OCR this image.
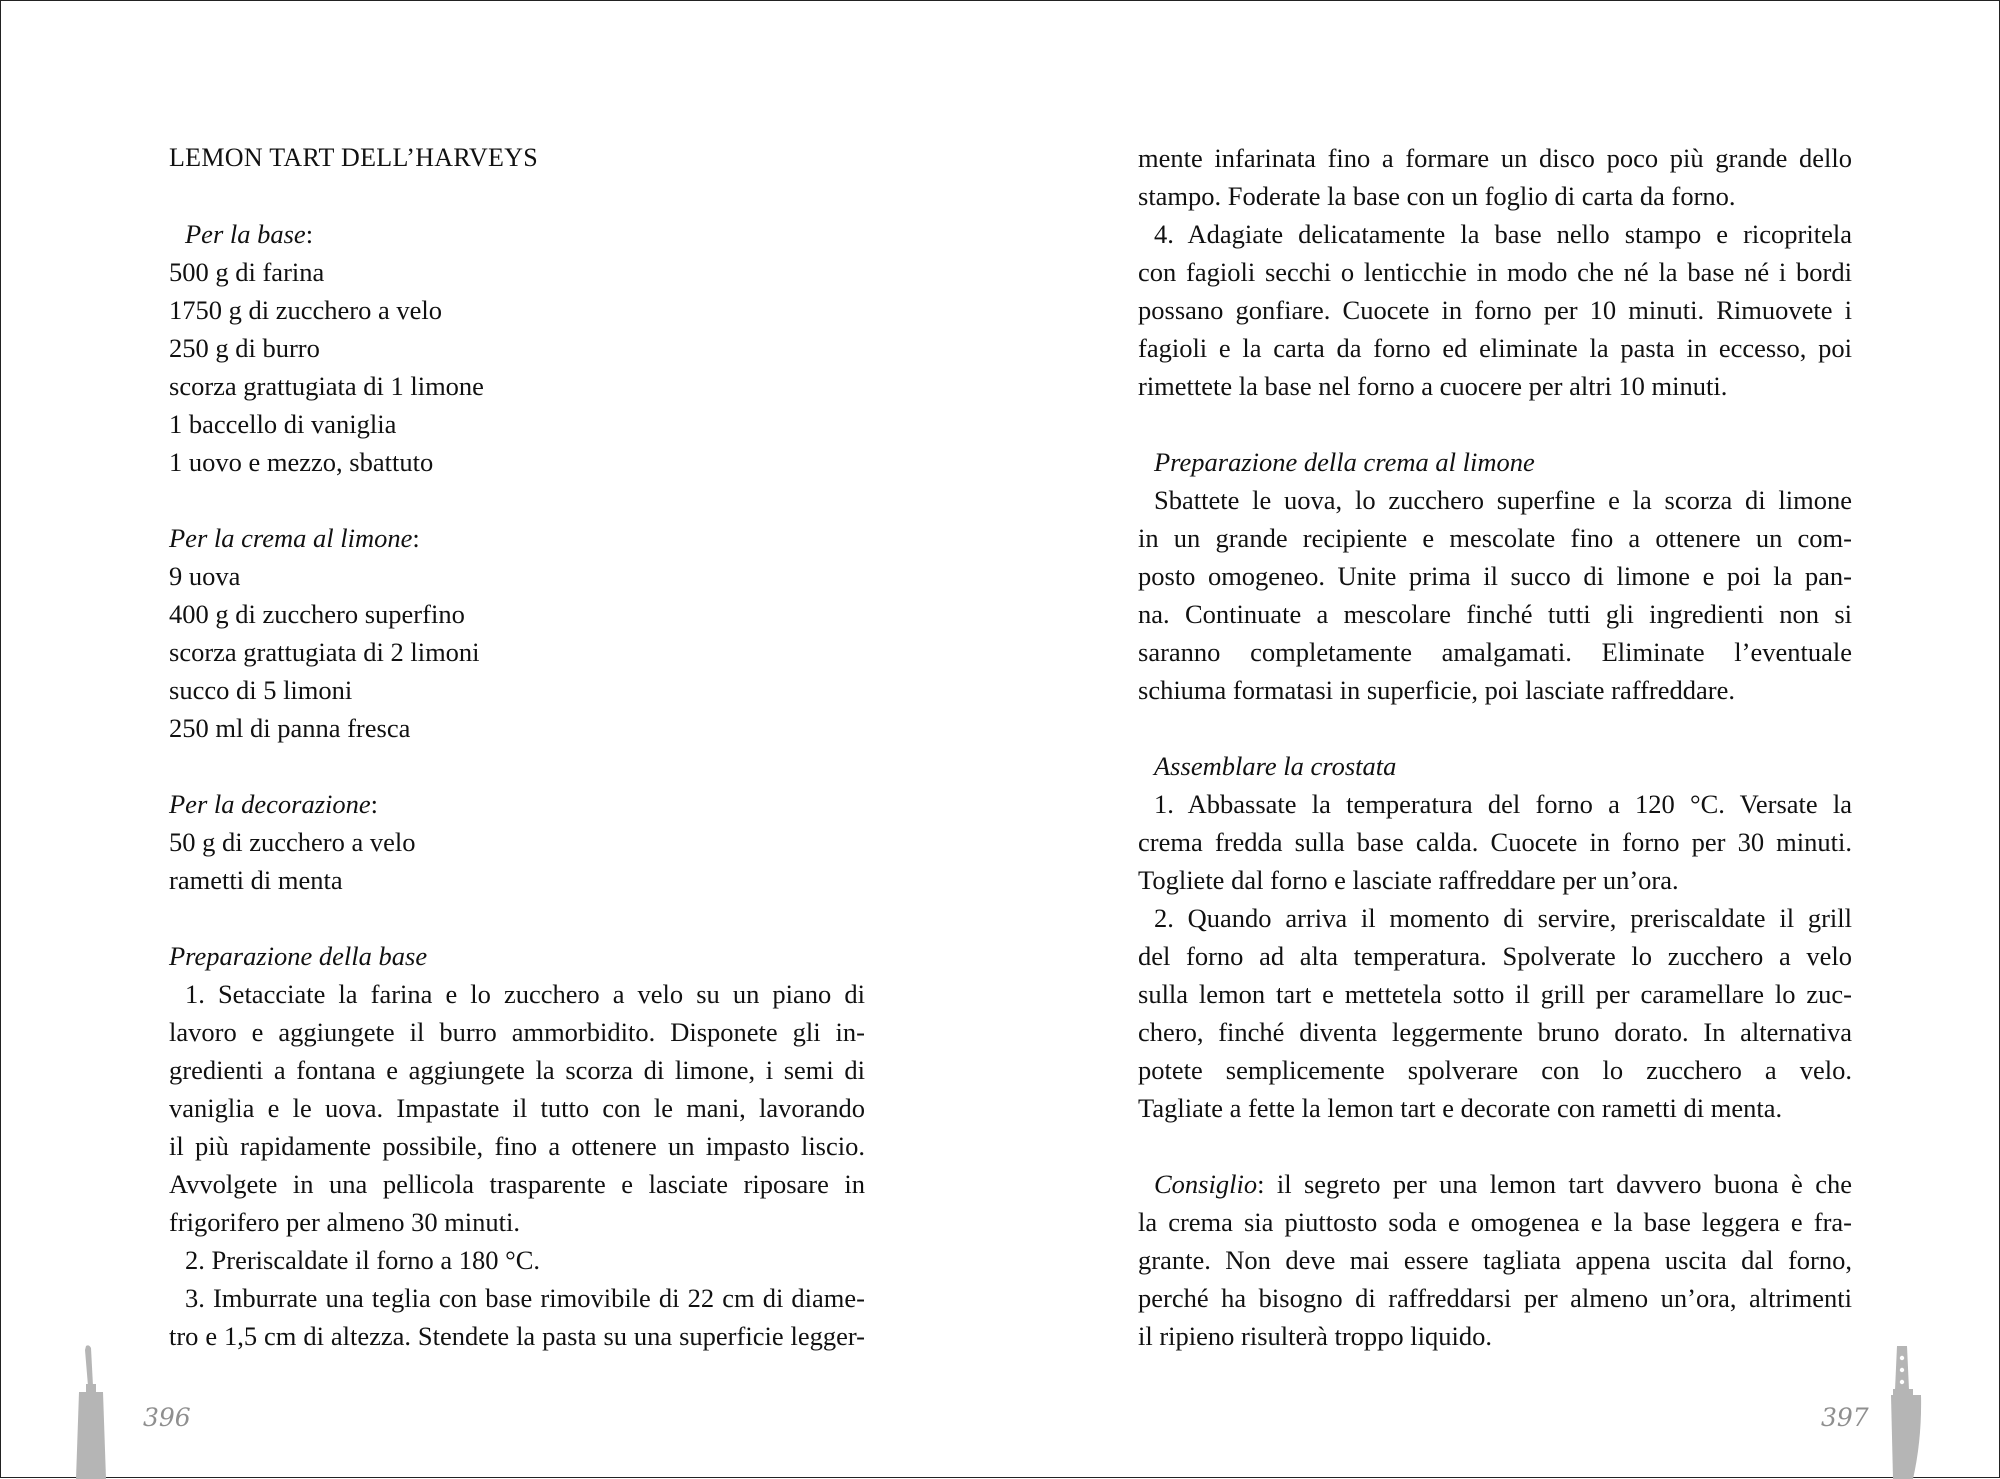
LEMON TART DELL’HARVEYS
Per la base:
500 g di farina
1750 g di zucchero a velo
250 g di burro
scorza grattugiata di 1 limone
1 baccello di vaniglia
1 uovo e mezzo, sbattuto
Per la crema al limone:
9 uova
400 g di zucchero superfino
scorza grattugiata di 2 limoni
succo di 5 limoni
250 ml di panna fresca
Per la decorazione:
50 g di zucchero a velo
rametti di menta
Preparazione della base
1. Setacciate la farina e lo zucchero a velo su un piano di
lavoro e aggiungete il burro ammorbidito. Disponete gli in-
gredienti a fontana e aggiungete la scorza di limone, i semi di
vaniglia e le uova. Impastate il tutto con le mani, lavorando
il più rapidamente possibile, fino a ottenere un impasto liscio.
Avvolgete in una pellicola trasparente e lasciate riposare in
frigorifero per almeno 30 minuti.
2. Preriscaldate il forno a 180 °C.
3. Imburrate una teglia con base rimovibile di 22 cm di diame-
tro e 1,5 cm di altezza. Stendete la pasta su una superficie legger-
mente infarinata fino a formare un disco poco più grande dello
stampo. Foderate la base con un foglio di carta da forno.
4. Adagiate delicatamente la base nello stampo e ricopritela
con fagioli secchi o lenticchie in modo che né la base né i bordi
possano gonfiare. Cuocete in forno per 10 minuti. Rimuovete i
fagioli e la carta da forno ed eliminate la pasta in eccesso, poi
rimettete la base nel forno a cuocere per altri 10 minuti.
Preparazione della crema al limone
Sbattete le uova, lo zucchero superfine e la scorza di limone
in un grande recipiente e mescolate fino a ottenere un com-
posto omogeneo. Unite prima il succo di limone e poi la pan-
na. Continuate a mescolare finché tutti gli ingredienti non si
saranno completamente amalgamati. Eliminate l’eventuale
schiuma formatasi in superficie, poi lasciate raffreddare.
Assemblare la crostata
1. Abbassate la temperatura del forno a 120 °C. Versate la
crema fredda sulla base calda. Cuocete in forno per 30 minuti.
Togliete dal forno e lasciate raffreddare per un’ora.
2. Quando arriva il momento di servire, preriscaldate il grill
del forno ad alta temperatura. Spolverate lo zucchero a velo
sulla lemon tart e mettetela sotto il grill per caramellare lo zuc-
chero, finché diventa leggermente bruno dorato. In alternativa
potete semplicemente spolverare con lo zucchero a velo.
Tagliate a fette la lemon tart e decorate con rametti di menta.
Consiglio: il segreto per una lemon tart davvero buona è che
la crema sia piuttosto soda e omogenea e la base leggera e fra-
grante. Non deve mai essere tagliata appena uscita dal forno,
perché ha bisogno di raffreddarsi per almeno un’ora, altrimenti
il ripieno risulterà troppo liquido.
396	397
